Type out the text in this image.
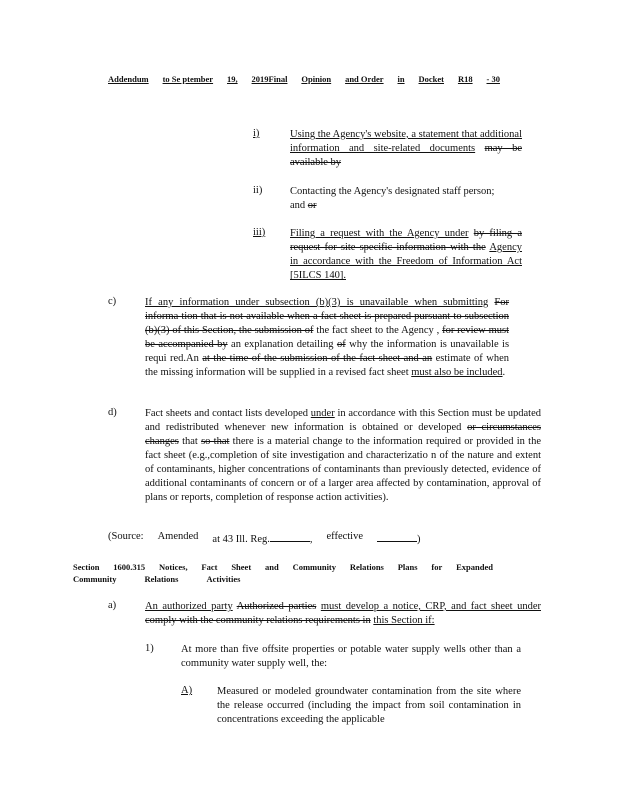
Addendum to Se ptember 19, 2019Final Opinion and Order in Docket R18 - 30
i)	Using the Agency's website, a statement that additional information and site-related documents may be available by
ii)	Contacting the Agency's designated staff person;
and or
iii) Filing a request with the Agency under by filing a request for site specific information with the Agency in accordance with the Freedom of Information Act [5ILCS 140].
c)	If any information under subsection (b)(3) is unavailable when submitting For informa tion that is not available when a fact sheet is prepared pursuant to subsection (b)(3) of this Section, the submission of the fact sheet to the Agency , for review must be accompanied by an explanation detailing of why the information is unavailable is requi red.An at the time of the submission of the fact sheet and an estimate of when the missing information will be supplied in a revised fact sheet must also be included.
d)	Fact sheets and contact lists developed under in accordance with this Section must be updated and redistributed whenever new information is obtained or developed or circumstances changes that so that there is a material change to the information required or provided in the fact sheet (e.g.,completion of site investigation and characterizatio n of the nature and extent of contaminants, higher concentrations of contaminants than previously detected, evidence of additional contaminants of concern or of a larger area affected by contamination, approval of plans or reports, completion of response action activities).
(Source: Amended at 43 Ill. Reg.	, effective	)
Section 1600.315 Notices, Fact Sheet and Community Relations Plans for Expanded
Community	Relations	Activities
a)	An authorized party Authorized parties must develop a notice, CRP, and fact sheet under comply with the community relations requirements in this Section if:
1)	At more than five offsite properties or potable water supply wells other than a community water supply well, the:
A) Measured or modeled groundwater contamination from the site where the release occurred (including the impact from soil contamination in concentrations exceeding the applicable
